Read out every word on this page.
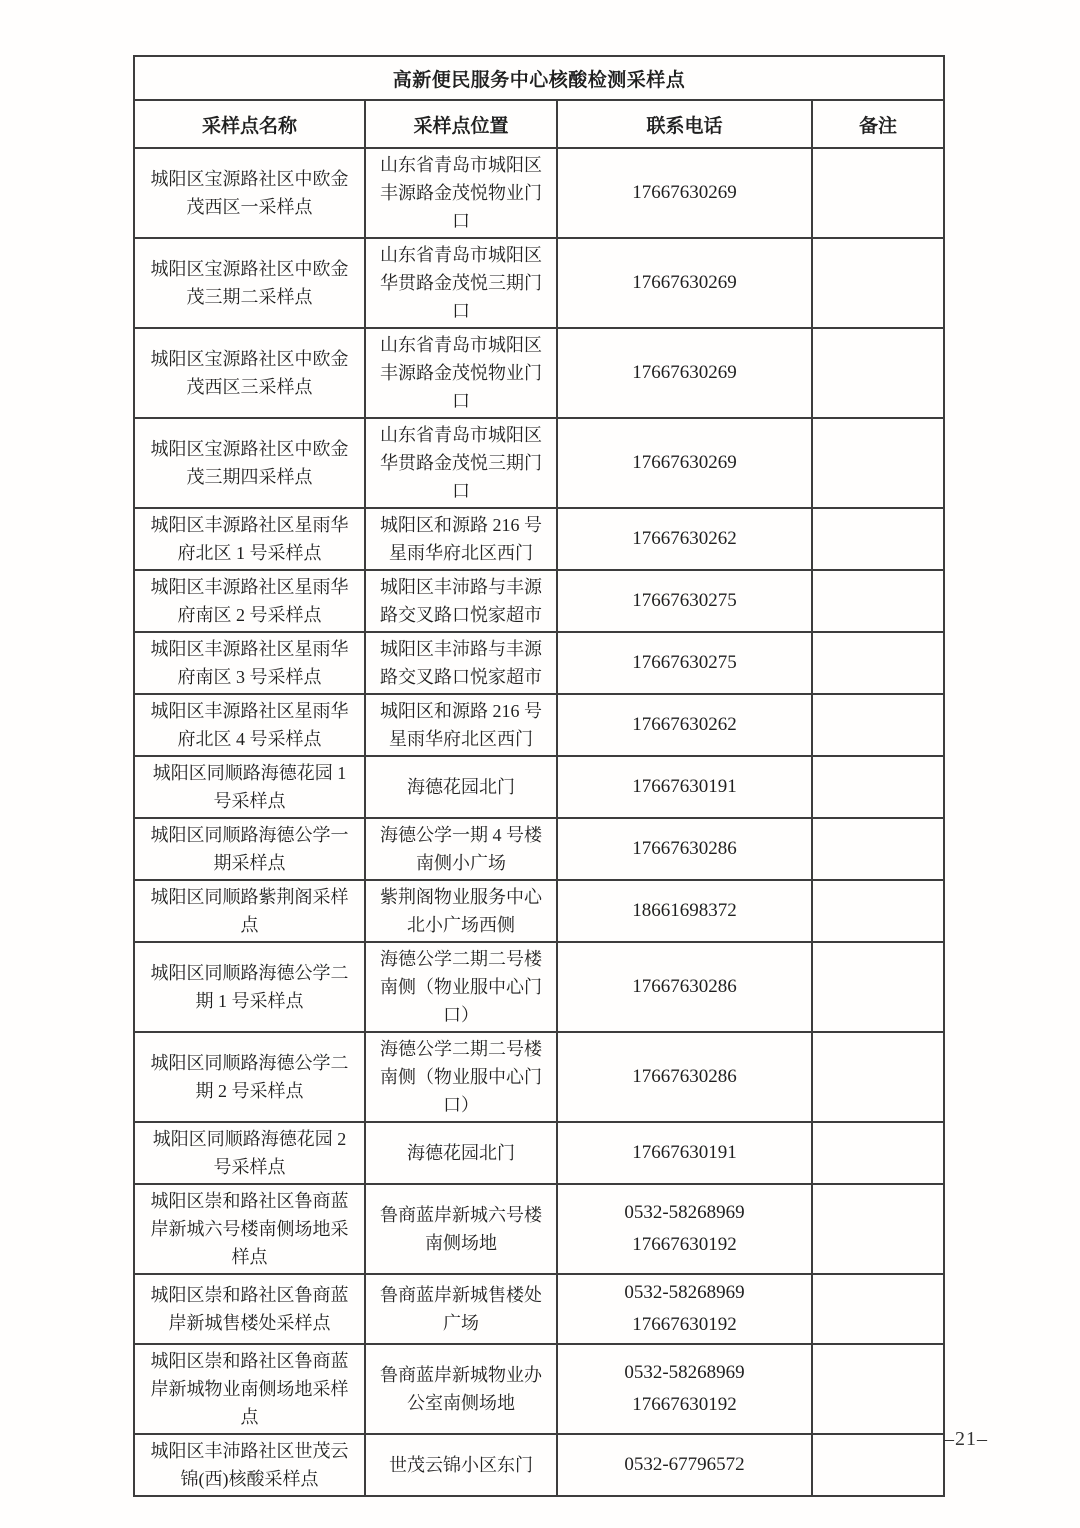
高新便民服务中心核酸检测采样点			
采样点名称	采样点位置	联系电话	备注
城阳区宝源路社区中欧金茂西区一采样点	山东省青岛市城阳区丰源路金茂悦物业门口	17667630269	

城阳区宝源路社区中欧金茂三期二采样点	山东省青岛市城阳区华贯路金茂悦三期门口	17667630269	

城阳区宝源路社区中欧金茂西区三采样点	山东省青岛市城阳区丰源路金茂悦物业门口	17667630269	

城阳区宝源路社区中欧金茂三期四采样点	山东省青岛市城阳区华贯路金茂悦三期门口	17667630269	

城阳区丰源路社区星雨华府北区 1 号采样点	城阳区和源路 216 号星雨华府北区西门	17667630262	

城阳区丰源路社区星雨华府南区 2 号采样点	城阳区丰沛路与丰源路交叉路口悦家超市	17667630275	

城阳区丰源路社区星雨华府南区 3 号采样点	城阳区丰沛路与丰源路交叉路口悦家超市	17667630275	

城阳区丰源路社区星雨华府北区 4 号采样点	城阳区和源路 216 号星雨华府北区西门	17667630262	

城阳区同顺路海德花园 1 号采样点	海德花园北门	17667630191	

城阳区同顺路海德公学一期采样点	海德公学一期 4 号楼南侧小广场	17667630286	

城阳区同顺路紫荆阁采样点	紫荆阁物业服务中心北小广场西侧	18661698372	

城阳区同顺路海德公学二期 1 号采样点	海德公学二期二号楼南侧（物业服中心门口）	17667630286	

城阳区同顺路海德公学二期 2 号采样点	海德公学二期二号楼南侧（物业服中心门口）	17667630286	

城阳区同顺路海德花园 2 号采样点	海德花园北门	17667630191	

城阳区崇和路社区鲁商蓝岸新城六号楼南侧场地采样点	鲁商蓝岸新城六号楼南侧场地	0532-58268969
17667630192	

城阳区崇和路社区鲁商蓝岸新城售楼处采样点	鲁商蓝岸新城售楼处广场	0532-58268969
17667630192	

城阳区崇和路社区鲁商蓝岸新城物业南侧场地采样点	鲁商蓝岸新城物业办公室南侧场地	0532-58268969
17667630192	

城阳区丰沛路社区世茂云锦(西)核酸采样点	世茂云锦小区东门	0532-67796572	

–21–
